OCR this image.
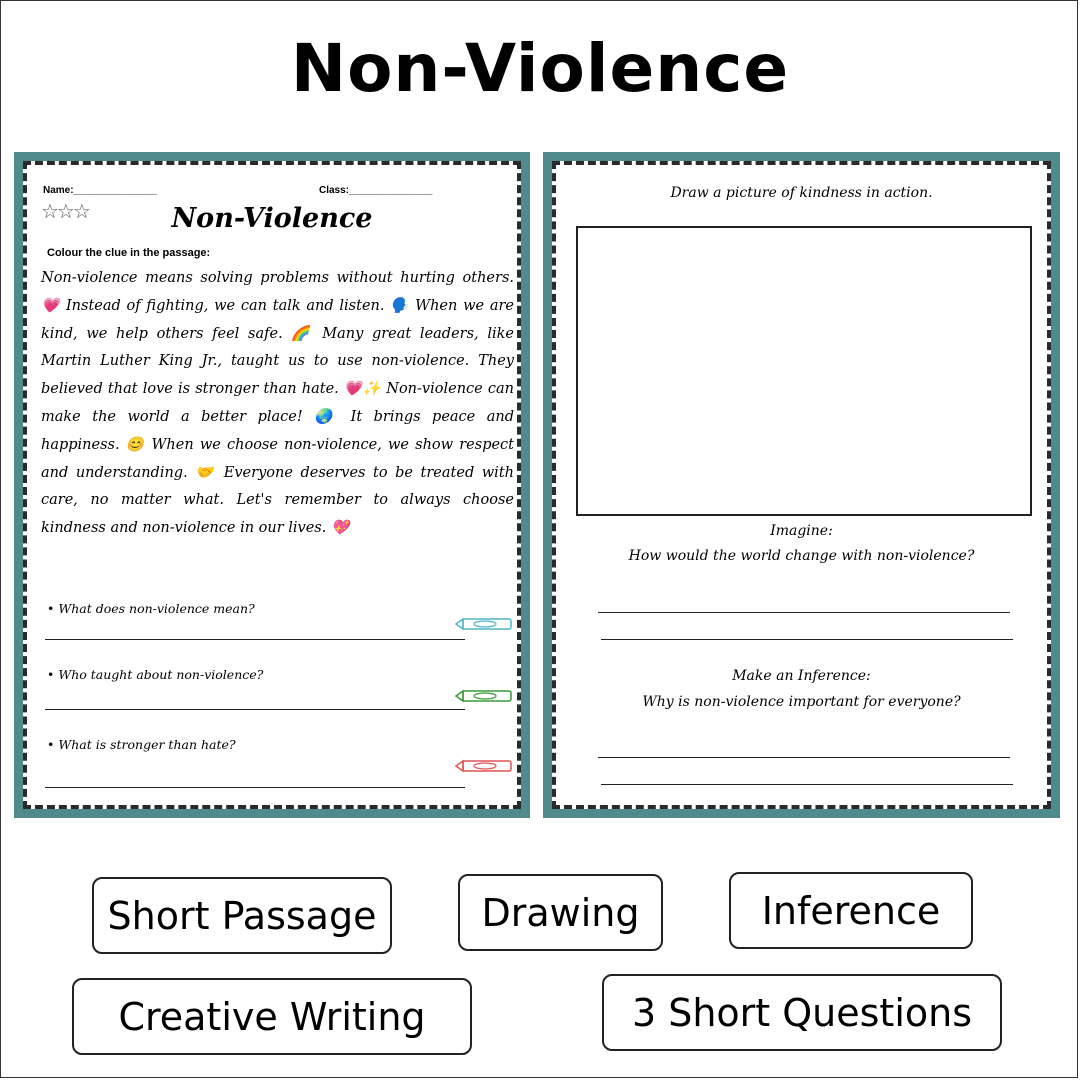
Non-Violence
Name:_______________	Class:_______________
☆☆☆	Non-Violence
Colour the clue in the passage:
Non-violence means solving problems without hurting others. 💗 Instead of fighting, we can talk and listen. 🗣️ When we are kind, we help others feel safe. 🌈 Many great leaders, like Martin Luther King Jr., taught us to use non-violence. They believed that love is stronger than hate. 💗✨ Non-violence can make the world a better place! 🌏 It brings peace and happiness. 😊 When we choose non-violence, we show respect and understanding. 🤝 Everyone deserves to be treated with care, no matter what. Let's remember to always choose kindness and non-violence in our lives. 💖
• What does non-violence mean?
• Who taught about non-violence?
• What is stronger than hate?
Draw a picture of kindness in action.
Imagine:
How would the world change with non-violence?
Make an Inference:
Why is non-violence important for everyone?
Short Passage	Drawing	Inference
Creative Writing	3 Short Questions
